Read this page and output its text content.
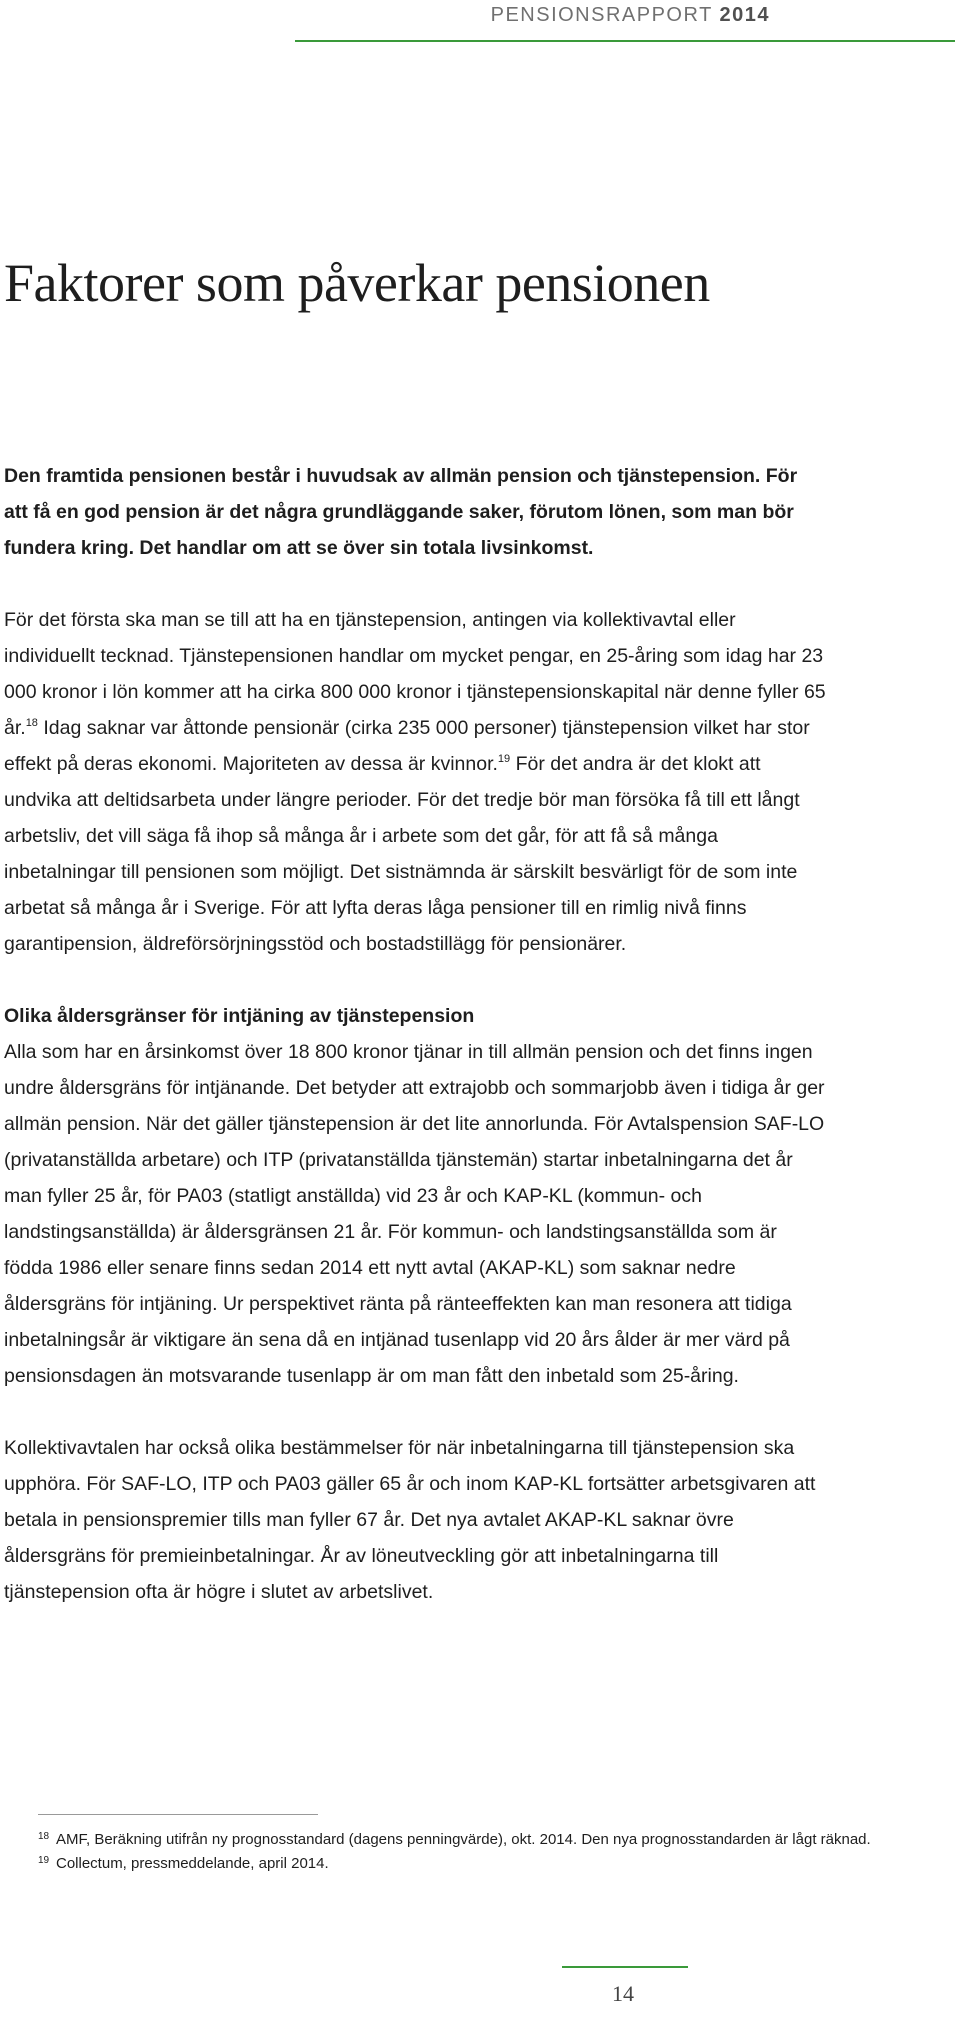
PENSIONSRAPPORT 2014
Faktorer som påverkar pensionen

Den framtida pensionen består i huvudsak av allmän pension och tjänstepension. För att få en god pension är det några grundläggande saker, förutom lönen, som man bör fundera kring. Det handlar om att se över sin totala livsinkomst.

För det första ska man se till att ha en tjänstepension, antingen via kollektivavtal eller individuellt tecknad. Tjänstepensionen handlar om mycket pengar, en 25-åring som idag har 23 000 kronor i lön kommer att ha cirka 800 000 kronor i tjänstepensionskapital när denne fyller 65 år.$^{18}$ Idag saknar var åttonde pensionär (cirka 235 000 personer) tjänstepension vilket har stor effekt på deras ekonomi. Majoriteten av dessa är kvinnor.$^{19}$ För det andra är det klokt att undvika att deltidsarbeta under längre perioder. För det tredje bör man försöka få till ett långt arbetsliv, det vill säga få ihop så många år i arbete som det går, för att få så många inbetalningar till pensionen som möjligt. Det sistnämnda är särskilt besvärligt för de som inte arbetat så många år i Sverige. För att lyfta deras låga pensioner till en rimlig nivå finns garantipension, äldreförsörjningsstöd och bostadstillägg för pensionärer.

Olika åldersgränser för intjäning av tjänstepension

Alla som har en årsinkomst över 18 800 kronor tjänar in till allmän pension och det finns ingen undre åldersgräns för intjänande. Det betyder att extrajobb och sommarjobb även i tidiga år ger allmän pension. När det gäller tjänstepension är det lite annorlunda. För Avtalspension SAF-LO (privatanställda arbetare) och ITP (privatanställda tjänstemän) startar inbetalningarna det år man fyller 25 år, för PA03 (statligt anställda) vid 23 år och KAP-KL (kommun- och landstingsanställda) är åldersgränsen 21 år. För kommun- och landstingsanställda som är födda 1986 eller senare finns sedan 2014 ett nytt avtal (AKAP-KL) som saknar nedre åldersgräns för intjäning. Ur perspektivet ränta på ränteeffekten kan man resonera att tidiga inbetalningsår är viktigare än sena då en intjänad tusenlapp vid 20 års ålder är mer värd på pensionsdagen än motsvarande tusenlapp är om man fått den inbetald som 25-åring.

Kollektivavtalen har också olika bestämmelser för när inbetalningarna till tjänstepension ska upphöra. För SAF-LO, ITP och PA03 gäller 65 år och inom KAP-KL fortsätter arbetsgivaren att betala in pensionspremier tills man fyller 67 år. Det nya avtalet AKAP-KL saknar övre åldersgräns för premieinbetalningar. År av löneutveckling gör att inbetalningarna till tjänstepension ofta är högre i slutet av arbetslivet.

18 AMF, Beräkning utifrån ny prognosstandard (dagens penningvärde), okt. 2014. Den nya prognosstandarden är lågt räknad.
19 Collectum, pressmeddelande, april 2014.
14
